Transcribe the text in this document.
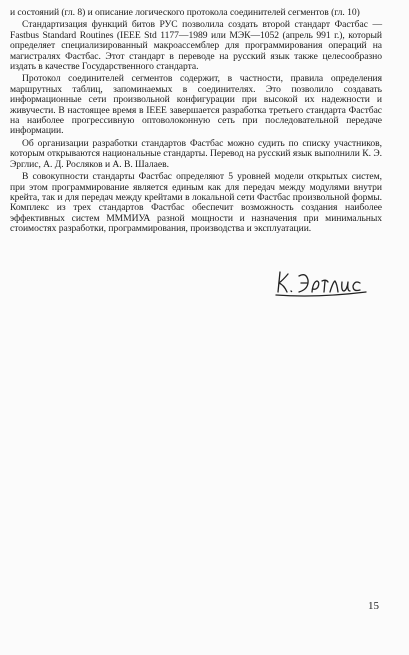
и состояний (гл. 8) и описание логического протокола соединителей сегментов (гл. 10)

Стандартизация функций битов РУС позволила создать второй стандарт Фастбас — Fastbus Standard Routines (IEEE Std 1177—1989 или МЭК—1052 (апрель 991 г.), который определяет специализированный макроассемблер для программирования операций на магистралях Фастбас. Этот стандарт в переводе на русский язык также целесообразно издать в качестве Государственного стандарта.

Протокол соединителей сегментов содержит, в частности, правила определения маршрутных таблиц, запоминаемых в соединителях. Это позволило создавать информационные сети произвольной конфигурации при высокой их надежности и живучести. В настоящее время в IEEE завершается разработка третьего стандарта Фастбас на наиболее прогрессивную оптоволоконную сеть при последовательной передаче информации.

Об организации разработки стандартов Фастбас можно судить по списку участников, которым открываются национальные стандарты. Перевод на русский язык выполнили К. Э. Эрглис, А. Д. Росляков и А. В. Шалаев.

В совокупности стандарты Фастбас определяют 5 уровней модели открытых систем, при этом программирование является единым как для передач между модулями внутри крейта, так и для передач между крейтами в локальной сети Фастбас произвольной формы. Комплекс из трех стандартов Фастбас обеспечит возможность создания наиболее эффективных систем МММИУА разной мощности и назначения при минимальных стоимостях разработки, программирования, производства и эксплуатации.

15
